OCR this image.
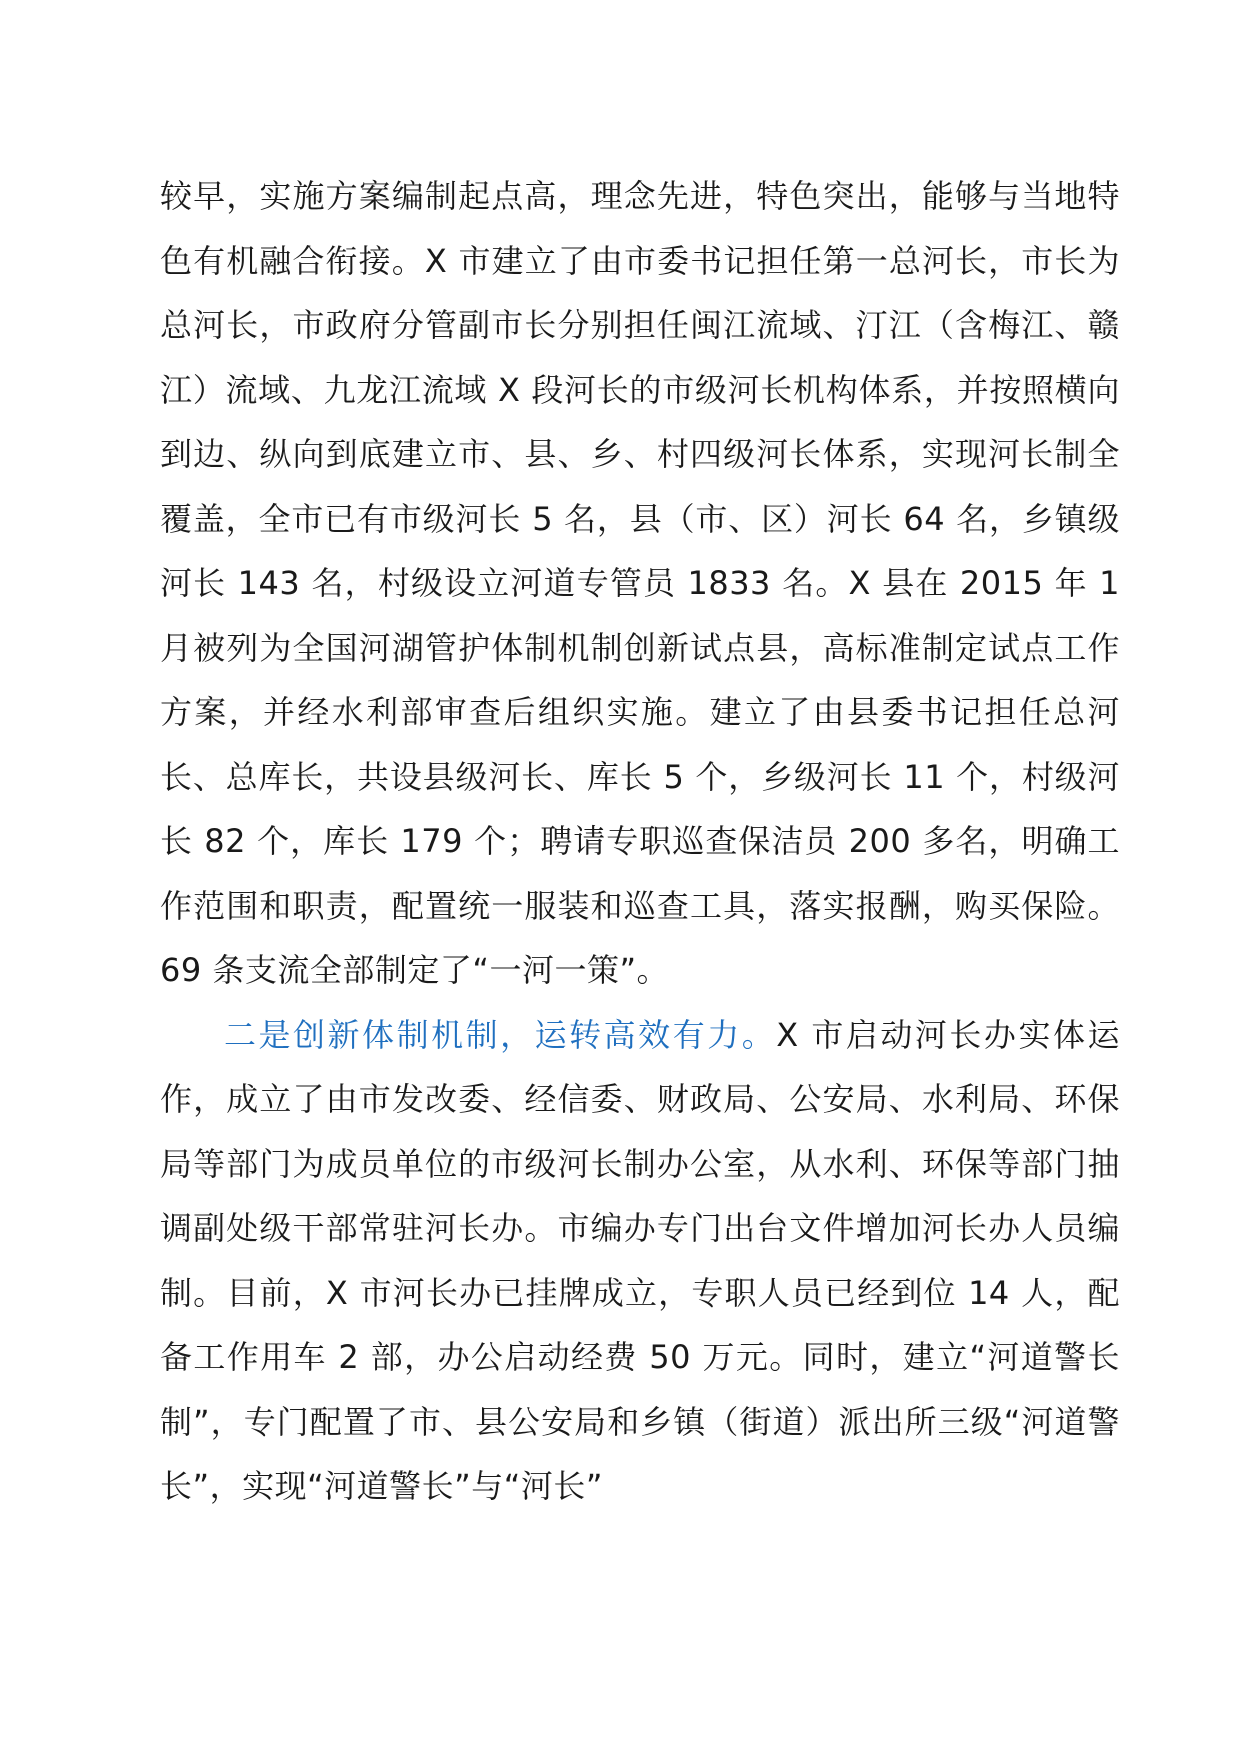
较早，实施方案编制起点高，理念先进，特色突出，能够与当地特色有机融合衔接。X 市建立了由市委书记担任第一总河长，市长为总河长，市政府分管副市长分别担任闽江流域、汀江（含梅江、赣江）流域、九龙江流域 X 段河长的市级河长机构体系，并按照横向到边、纵向到底建立市、县、乡、村四级河长体系，实现河长制全覆盖，全市已有市级河长 5 名，县（市、区）河长 64 名，乡镇级河长 143 名，村级设立河道专管员 1833 名。X 县在 2015 年 1 月被列为全国河湖管护体制机制创新试点县，高标准制定试点工作方案，并经水利部审查后组织实施。建立了由县委书记担任总河长、总库长，共设县级河长、库长 5 个，乡级河长 11 个，村级河长 82 个，库长 179 个；聘请专职巡查保洁员 200 多名，明确工作范围和职责，配置统一服装和巡查工具，落实报酬，购买保险。69 条支流全部制定了“一河一策”。

二是创新体制机制，运转高效有力。X 市启动河长办实体运作，成立了由市发改委、经信委、财政局、公安局、水利局、环保局等部门为成员单位的市级河长制办公室，从水利、环保等部门抽调副处级干部常驻河长办。市编办专门出台文件增加河长办人员编制。目前，X 市河长办已挂牌成立，专职人员已经到位 14 人，配备工作用车 2 部，办公启动经费 50 万元。同时，建立“河道警长制”，专门配置了市、县公安局和乡镇（街道）派出所三级“河道警长”，实现“河道警长”与“河长”
